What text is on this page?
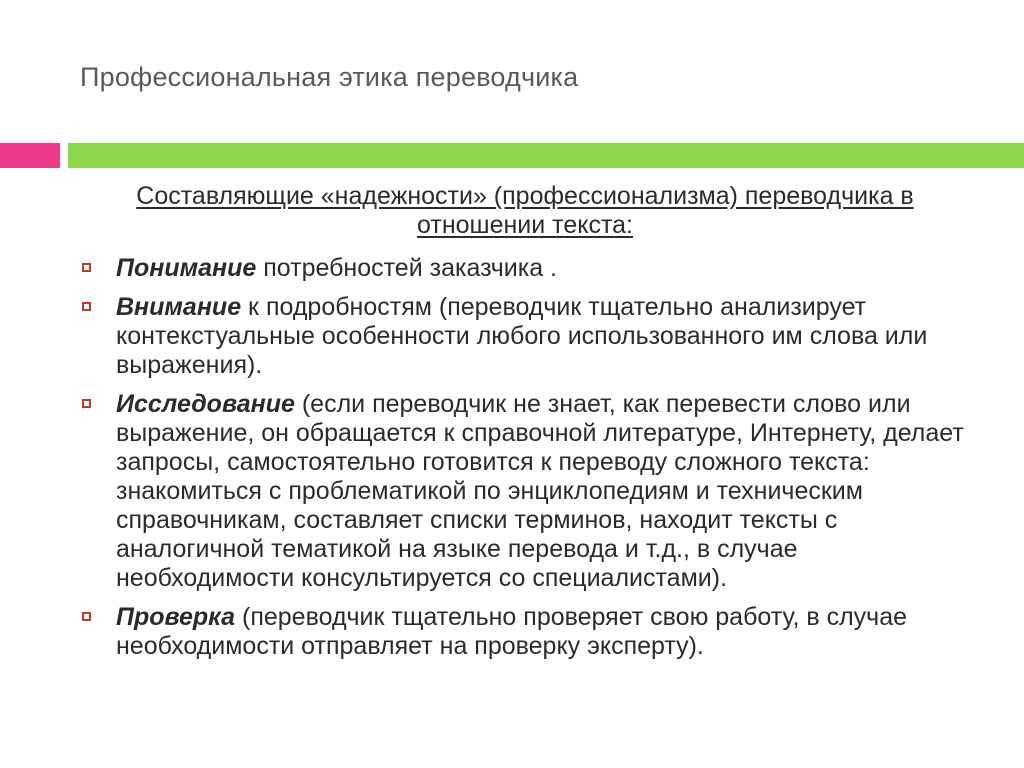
Профессиональная этика переводчика
Составляющие «надежности» (профессионализма) переводчика в отношении текста:
Понимание потребностей заказчика .
Внимание к подробностям (переводчик тщательно анализирует контекстуальные особенности любого использованного им слова или выражения).
Исследование (если переводчик не знает, как перевести слово или выражение, он обращается к справочной литературе, Интернету, делает запросы, самостоятельно готовится к переводу сложного текста: знакомиться с проблематикой по энциклопедиям и техническим справочникам, составляет списки терминов, находит тексты с аналогичной тематикой на языке перевода и т.д., в случае необходимости консультируется со специалистами).
Проверка (переводчик тщательно проверяет свою работу, в случае необходимости отправляет на проверку эксперту).
